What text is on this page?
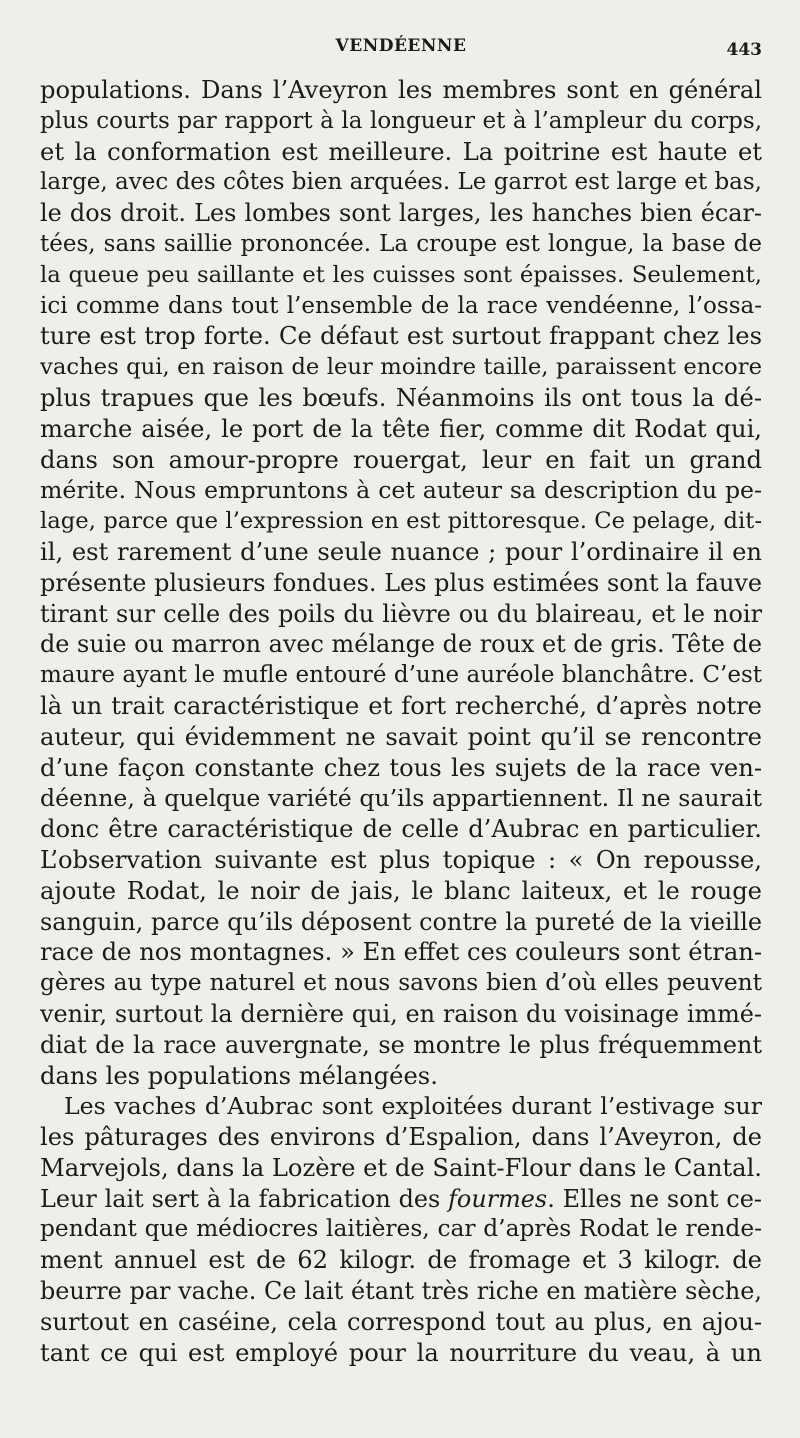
VENDÉENNE	443
populations. Dans l’Aveyron les membres sont en général
plus courts par rapport à la longueur et à l’ampleur du corps,
et la conformation est meilleure. La poitrine est haute et
large, avec des côtes bien arquées. Le garrot est large et bas,
le dos droit. Les lombes sont larges, les hanches bien écar-
tées, sans saillie prononcée. La croupe est longue, la base de
la queue peu saillante et les cuisses sont épaisses. Seulement,
ici comme dans tout l’ensemble de la race vendéenne, l’ossa-
ture est trop forte. Ce défaut est surtout frappant chez les
vaches qui, en raison de leur moindre taille, paraissent encore
plus trapues que les bœufs. Néanmoins ils ont tous la dé-
marche aisée, le port de la tête fier, comme dit Rodat qui,
dans son amour-propre rouergat, leur en fait un grand
mérite. Nous empruntons à cet auteur sa description du pe-
lage, parce que l’expression en est pittoresque. Ce pelage, dit-
il, est rarement d’une seule nuance ; pour l’ordinaire il en
présente plusieurs fondues. Les plus estimées sont la fauve
tirant sur celle des poils du lièvre ou du blaireau, et le noir
de suie ou marron avec mélange de roux et de gris. Tête de
maure ayant le mufle entouré d’une auréole blanchâtre. C’est
là un trait caractéristique et fort recherché, d’après notre
auteur, qui évidemment ne savait point qu’il se rencontre
d’une façon constante chez tous les sujets de la race ven-
déenne, à quelque variété qu’ils appartiennent. Il ne saurait
donc être caractéristique de celle d’Aubrac en particulier.
L’observation suivante est plus topique : « On repousse,
ajoute Rodat, le noir de jais, le blanc laiteux, et le rouge
sanguin, parce qu’ils déposent contre la pureté de la vieille
race de nos montagnes. » En effet ces couleurs sont étran-
gères au type naturel et nous savons bien d’où elles peuvent
venir, surtout la dernière qui, en raison du voisinage immé-
diat de la race auvergnate, se montre le plus fréquemment
dans les populations mélangées.
Les vaches d’Aubrac sont exploitées durant l’estivage sur
les pâturages des environs d’Espalion, dans l’Aveyron, de
Marvejols, dans la Lozère et de Saint-Flour dans le Cantal.
Leur lait sert à la fabrication des fourmes. Elles ne sont ce-
pendant que médiocres laitières, car d’après Rodat le rende-
ment annuel est de 62 kilogr. de fromage et 3 kilogr. de
beurre par vache. Ce lait étant très riche en matière sèche,
surtout en caséine, cela correspond tout au plus, en ajou-
tant ce qui est employé pour la nourriture du veau, à un
